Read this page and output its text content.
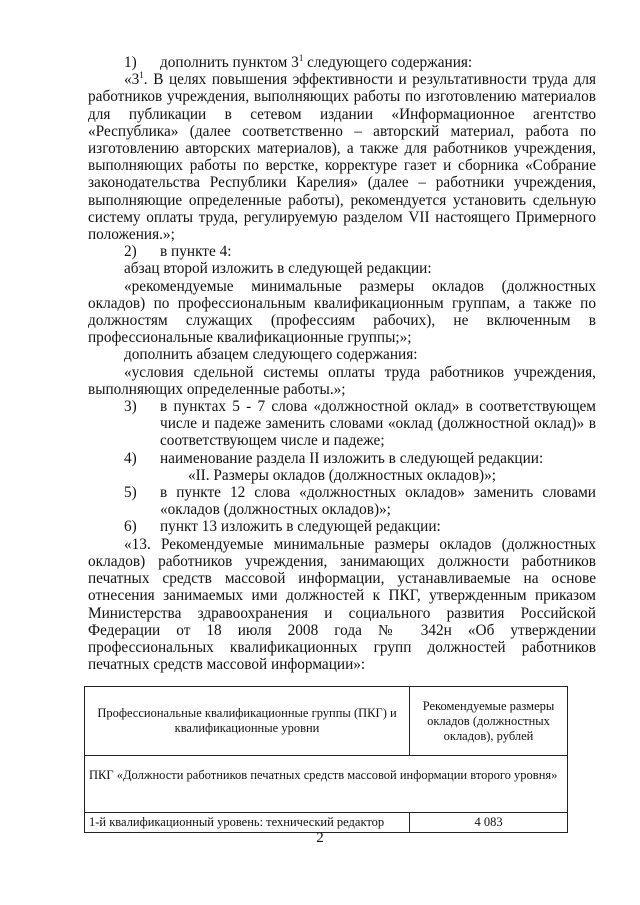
1)	дополнить пунктом $3^1$ следующего содержания:

«$3^1$. В целях повышения эффективности и результативности труда для работников учреждения, выполняющих работы по изготовлению материалов для публикации в сетевом издании «Информационное агентство «Республика» (далее соответственно – авторский материал, работа по изготовлению авторских материалов), а также для работников учреждения, выполняющих работы по верстке, корректуре газет и сборника «Собрание законодательства Республики Карелия» (далее – работники учреждения, выполняющие определенные работы), рекомендуется установить сдельную систему оплаты труда, регулируемую разделом VII настоящего Примерного положения.»;

2)	в пункте 4:

абзац второй изложить в следующей редакции:

«рекомендуемые минимальные размеры окладов (должностных окладов) по профессиональным квалификационным группам, а также по должностям служащих (профессиям рабочих), не включенным в профессиональные квалификационные группы;»;

дополнить абзацем следующего содержания:

«условия сдельной системы оплаты труда работников учреждения, выполняющих определенные работы.»;

3)	в пунктах 5 - 7 слова «должностной оклад» в соответствующем числе и падеже заменить словами «оклад (должностной оклад)» в соответствующем числе и падеже;
4)	наименование раздела II изложить в следующей редакции:
«II. Размеры окладов (должностных окладов)»;
5)	в пункте 12 слова «должностных окладов» заменить словами «окладов (должностных окладов)»;
6)	пункт 13 изложить в следующей редакции:

«13. Рекомендуемые минимальные размеры окладов (должностных окладов) работников учреждения, занимающих должности работников печатных средств массовой информации, устанавливаемые на основе отнесения занимаемых ими должностей к ПКГ, утвержденным приказом Министерства здравоохранения и социального развития Российской Федерации от 18 июля 2008 года № 342н «Об утверждении профессиональных квалификационных групп должностей работников печатных средств массовой информации»:

Профессиональные квалификационные группы (ПКГ) и квалификационные уровни	Рекомендуемые размеры окладов (должностных окладов), рублей
ПКГ «Должности работников печатных средств массовой информации второго уровня»	
1-й квалификационный уровень: технический редактор	4 083
2
